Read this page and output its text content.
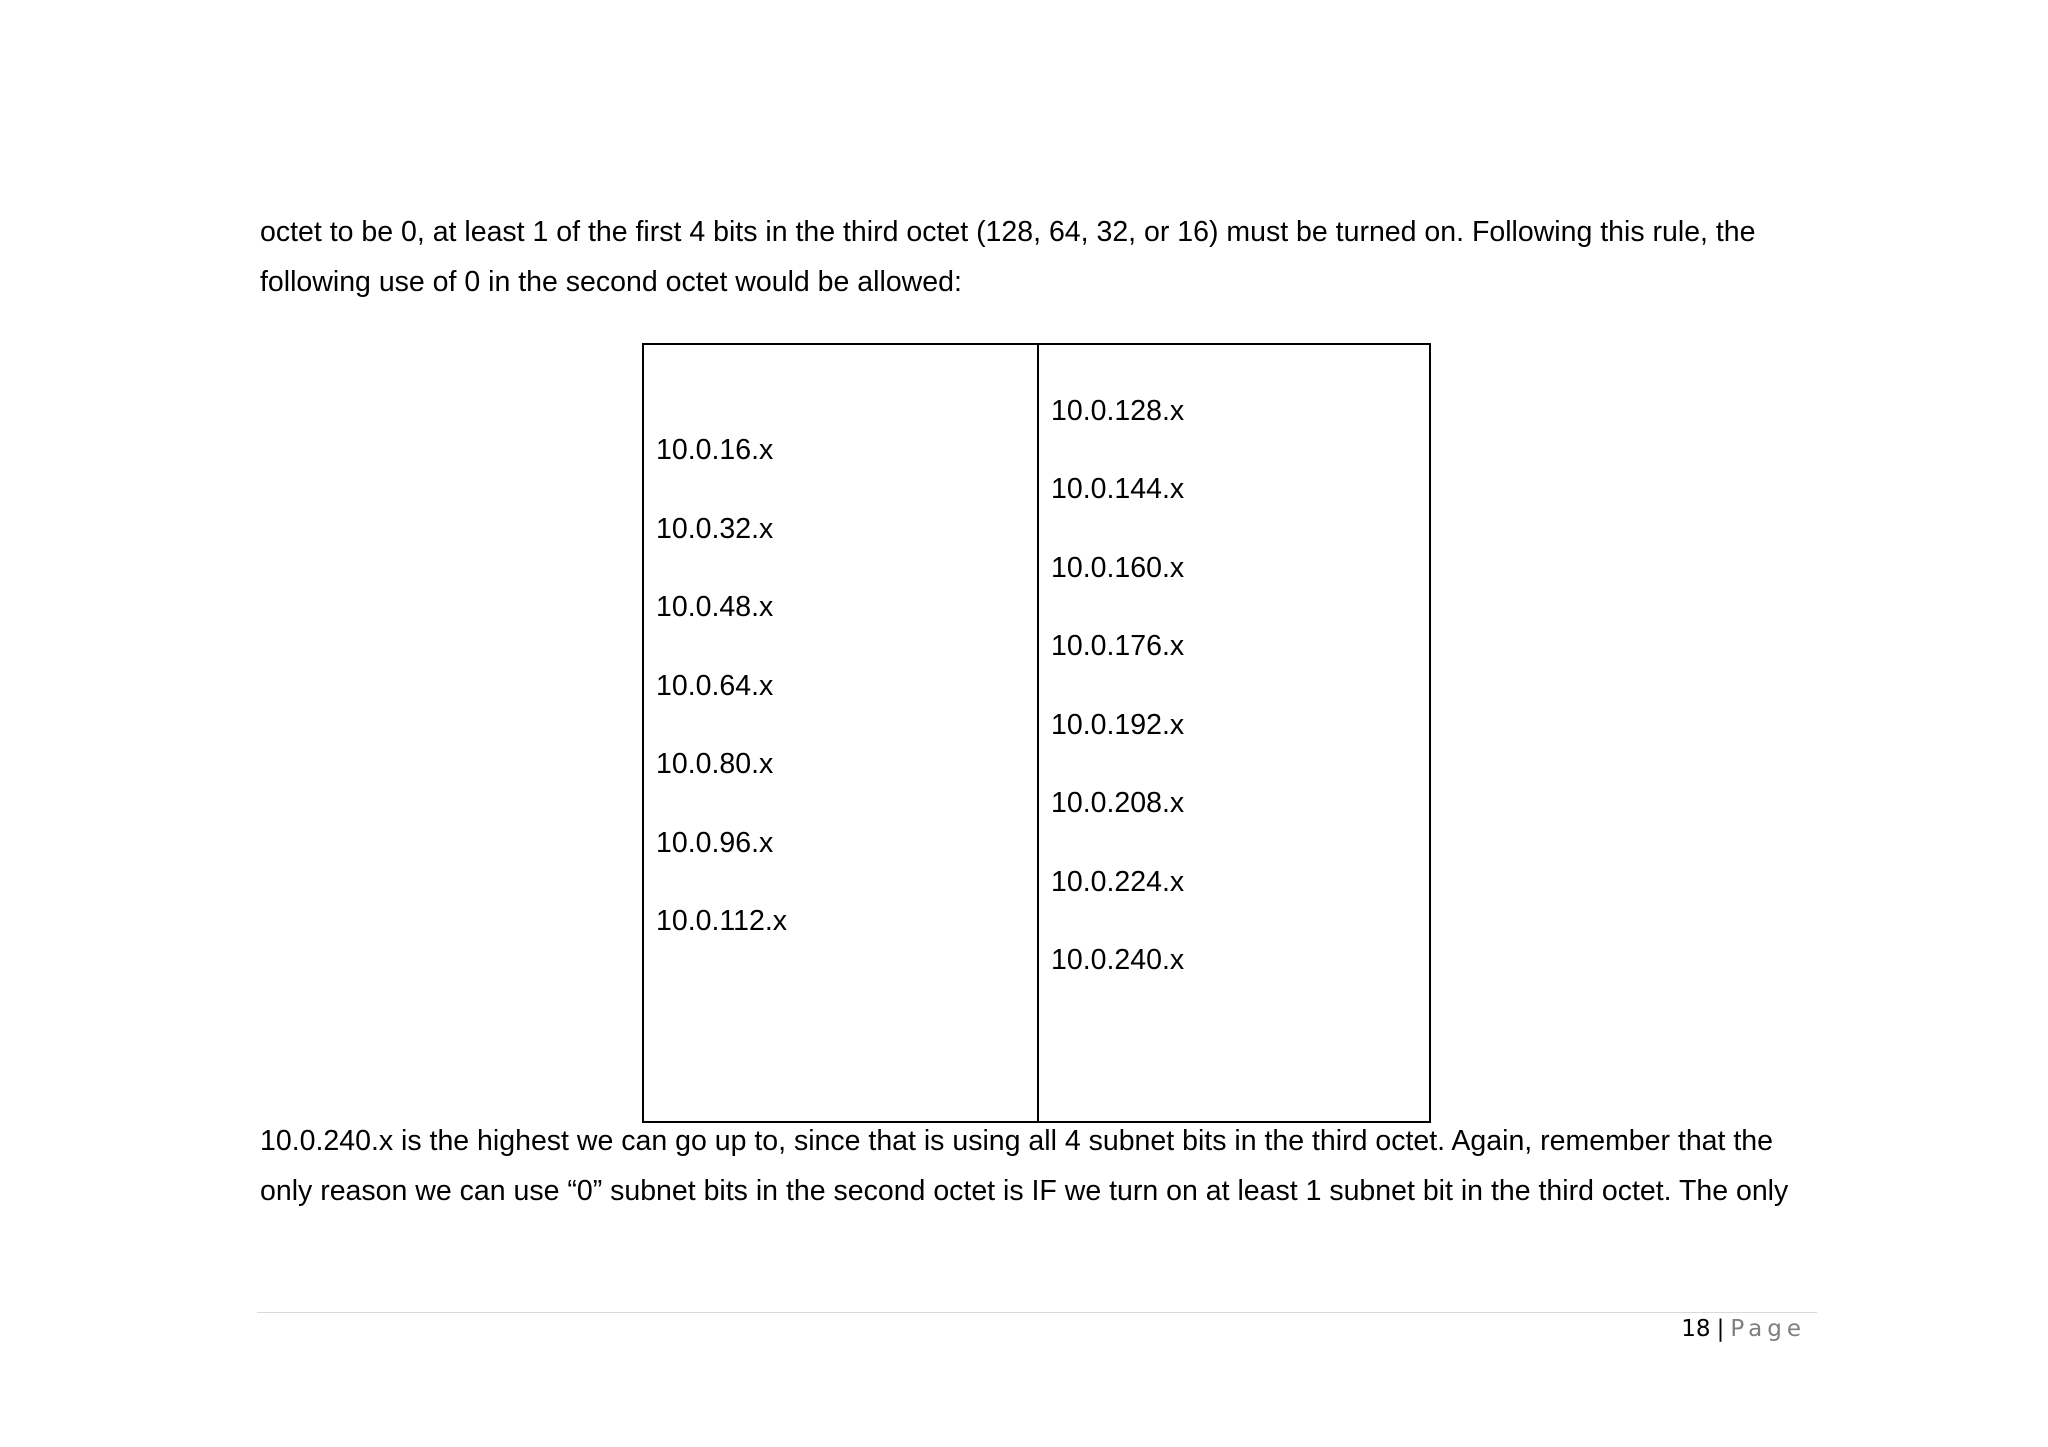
octet to be 0, at least 1 of the first 4 bits in the third octet (128, 64, 32, or 16) must be turned on. Following this rule, the
following use of 0 in the second octet would be allowed:

10.0.16.x
10.0.32.x
10.0.48.x
10.0.64.x
10.0.80.x
10.0.96.x
10.0.112.x
10.0.128.x
10.0.144.x
10.0.160.x
10.0.176.x
10.0.192.x
10.0.208.x
10.0.224.x
10.0.240.x

10.0.240.x is the highest we can go up to, since that is using all 4 subnet bits in the third octet. Again, remember that the
only reason we can use “0” subnet bits in the second octet is IF we turn on at least 1 subnet bit in the third octet. The only

18 | Page
